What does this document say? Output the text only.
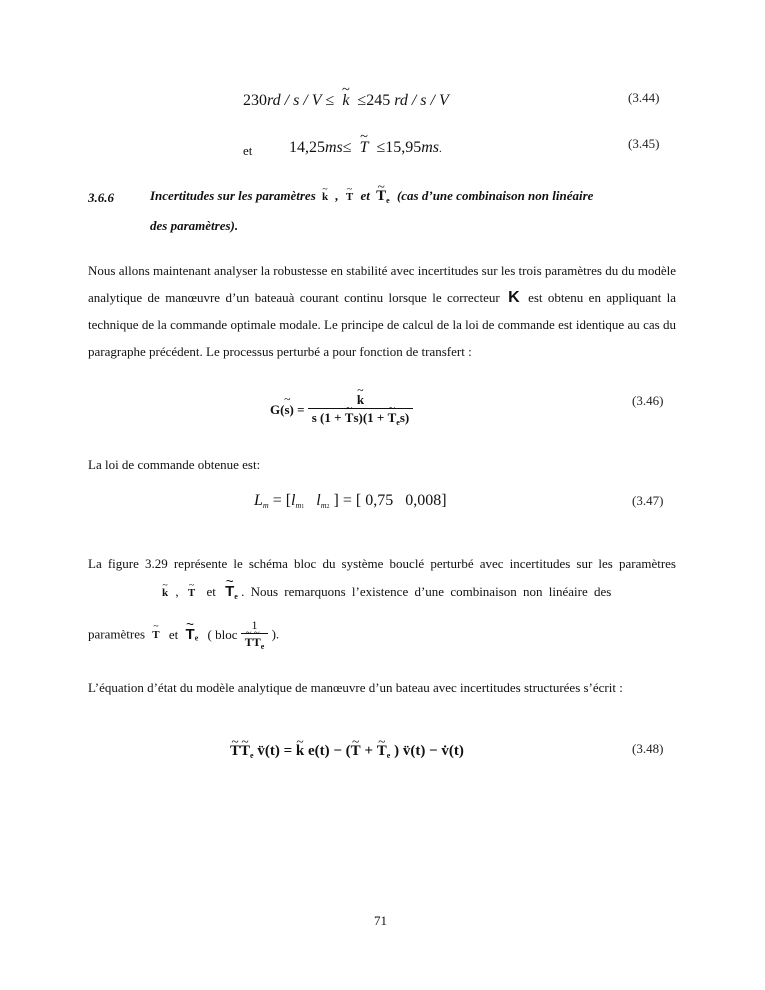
230rd / s / V ≤ ~ k ≤245 rd / s / V	(3.44)
et 14,25ms≤ ~ T ≤15,95ms.	(3.45)
3.6.6	Incertitudes sur les paramètres ~ k , ~ T et ~ $T_e$ (cas d’une combinaison non linéaire
des paramètres).

Nous allons maintenant analyser la robustesse en stabilité avec incertitudes sur les trois paramètres du du modèle analytique de manœuvre d’un bateauà courant continu lorsque le correcteur K est obtenu en appliquant la technique de la commande optimale modale. Le principe de calcul de la loi de commande est identique au cas du paragraphe précédent. Le processus perturbé a pour fonction de transfert :

~ G(s) = ~ $\frac{k}{s (1 + \sim Ts)(1 + \sim T_es)}$	(3.46)

La loi de commande obtenue est:

$L_m = [l_{m1}$ $l_{m2}$ ] = [ 0,75   0,008]	(3.47)

La figure 3.29 représente le schéma bloc du système bouclé perturbé avec incertitudes sur les paramètres

~ k , ~ T et ~ $T_e$ . Nous remarquons l’existence d’une combinaison non linéaire des
paramètres ~ T et ~ $T_e$ ( bloc 1
~ T~ $T_e$ ).

L’équation d’état du modèle analytique de manœuvre d’un bateau avec incertitudes structurées s’écrit :

~ T~ $T_e$ v̈(t) = ~ k e(t) − (~ T + ~ $T_e$ ) v̈(t) − v̇(t)	(3.48)
71
